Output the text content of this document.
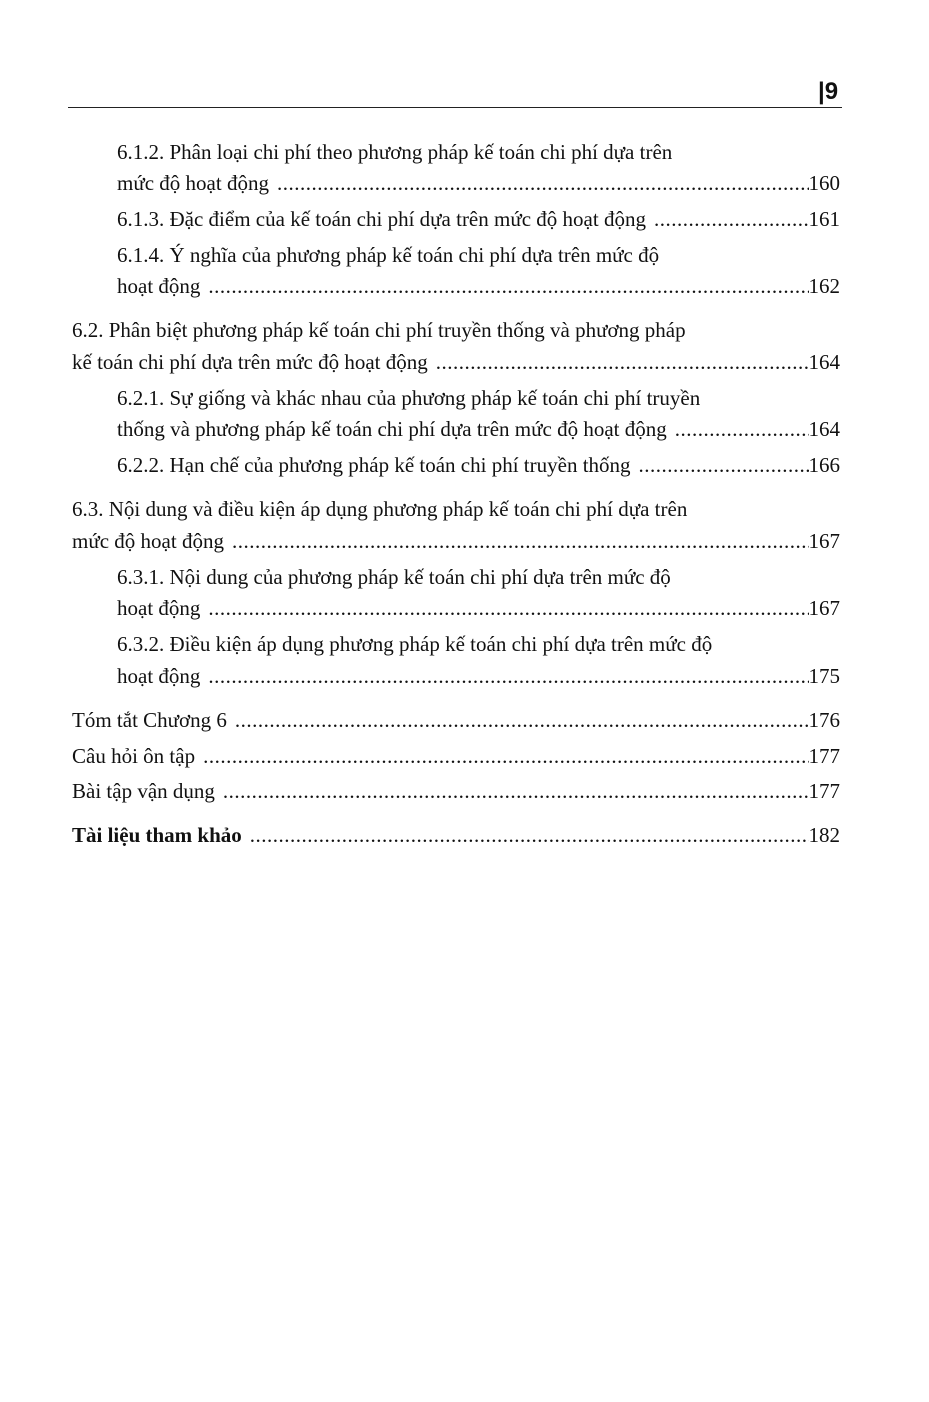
|9
6.1.2. Phân loại chi phí theo phương pháp kế toán chi phí dựa trên
mức độ hoạt động .....	160
6.1.3. Đặc điểm của kế toán chi phí dựa trên mức độ hoạt động .....	161
6.1.4. Ý nghĩa của phương pháp kế toán chi phí dựa trên mức độ
hoạt động .....	162
6.2. Phân biệt phương pháp kế toán chi phí truyền thống và phương pháp
kế toán chi phí dựa trên mức độ hoạt động .....	164
6.2.1. Sự giống và khác nhau của phương pháp kế toán chi phí truyền
thống và phương pháp kế toán chi phí dựa trên mức độ hoạt động .....	164
6.2.2. Hạn chế của phương pháp kế toán chi phí truyền thống .....	166
6.3. Nội dung và điều kiện áp dụng phương pháp kế toán chi phí dựa trên
mức độ hoạt động .....	167
6.3.1. Nội dung của phương pháp kế toán chi phí dựa trên mức độ
hoạt động .....	167
6.3.2. Điều kiện áp dụng phương pháp kế toán chi phí dựa trên mức độ
hoạt động .....	175
Tóm tắt Chương 6 .....	176
Câu hỏi ôn tập .....	177
Bài tập vận dụng .....	177
Tài liệu tham khảo .....	182
